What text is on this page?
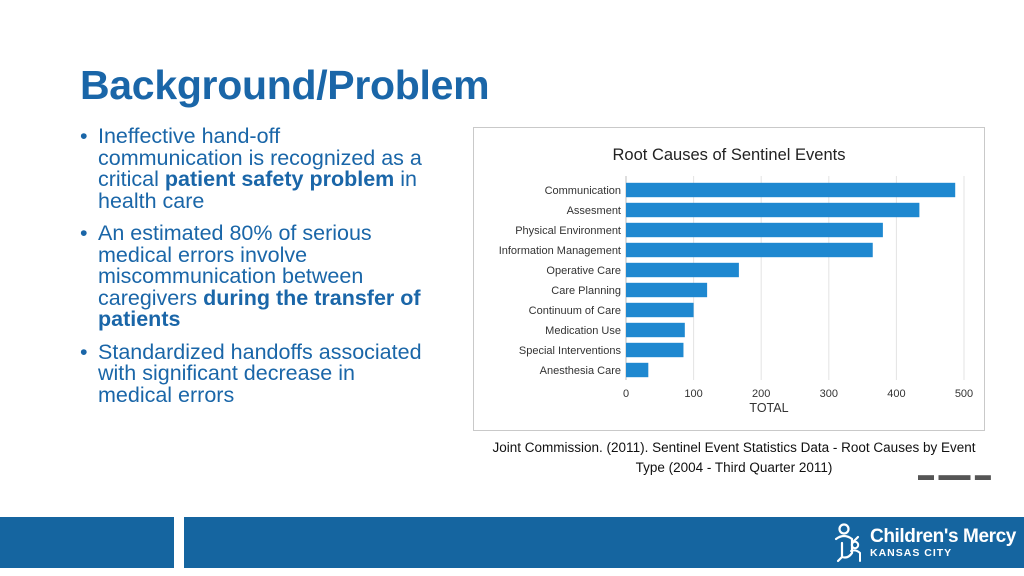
Background/Problem
• Ineffective hand-off communication is recognized as a critical patient safety problem in health care
• An estimated 80% of serious medical errors involve miscommunication between caregivers during the transfer of patients
• Standardized handoffs associated with significant decrease in medical errors
Root Causes of Sentinel Events
Communication
Assesment
Physical Environment
Information Management
Operative Care
Care Planning
Continuum of Care
Medication Use
Special Interventions
Anesthesia Care
0	100	200	300	400	500
TOTAL
Joint Commission. (2011). Sentinel Event Statistics Data - Root Causes by Event
Type (2004 - Third Quarter 2011)	▬ ▬▬ ▬
Children's Mercy
KANSAS CITY
